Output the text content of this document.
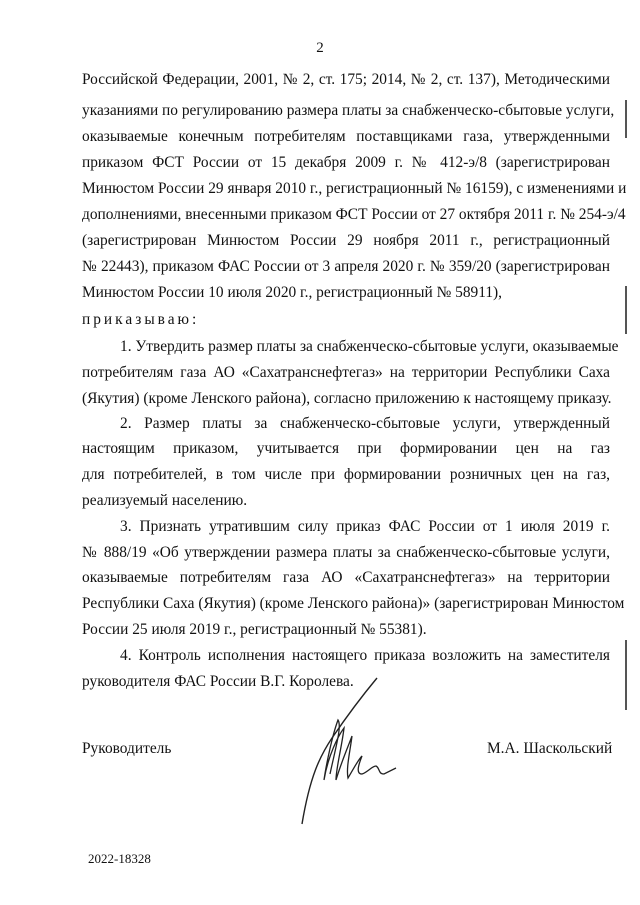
2
Российской Федерации, 2001, № 2, ст. 175; 2014, № 2, ст. 137), Методическими
указаниями по регулированию размера платы за снабженческо-сбытовые услуги,
оказываемые конечным потребителям поставщиками газа, утвержденными
приказом ФСТ России от 15 декабря 2009 г. № 412-э/8 (зарегистрирован
Минюстом России 29 января 2010 г., регистрационный № 16159), с изменениями и
дополнениями, внесенными приказом ФСТ России от 27 октября 2011 г. № 254-э/4
(зарегистрирован Минюстом России 29 ноября 2011 г., регистрационный
№ 22443), приказом ФАС России от 3 апреля 2020 г. № 359/20 (зарегистрирован
Минюстом России 10 июля 2020 г., регистрационный № 58911),
приказываю:
1. Утвердить размер платы за снабженческо-сбытовые услуги, оказываемые
потребителям газа АО «Сахатранснефтегаз» на территории Республики Саха
(Якутия) (кроме Ленского района), согласно приложению к настоящему приказу.
2. Размер платы за снабженческо-сбытовые услуги, утвержденный
настоящим приказом, учитывается при формировании цен на газ
для потребителей, в том числе при формировании розничных цен на газ,
реализуемый населению.
3. Признать утратившим силу приказ ФАС России от 1 июля 2019 г.
№ 888/19 «Об утверждении размера платы за снабженческо-сбытовые услуги,
оказываемые потребителям газа АО «Сахатранснефтегаз» на территории
Республики Саха (Якутия) (кроме Ленского района)» (зарегистрирован Минюстом
России 25 июля 2019 г., регистрационный № 55381).
4. Контроль исполнения настоящего приказа возложить на заместителя
руководителя ФАС России В.Г. Королева.
Руководитель	М.А. Шаскольский
2022-18328
